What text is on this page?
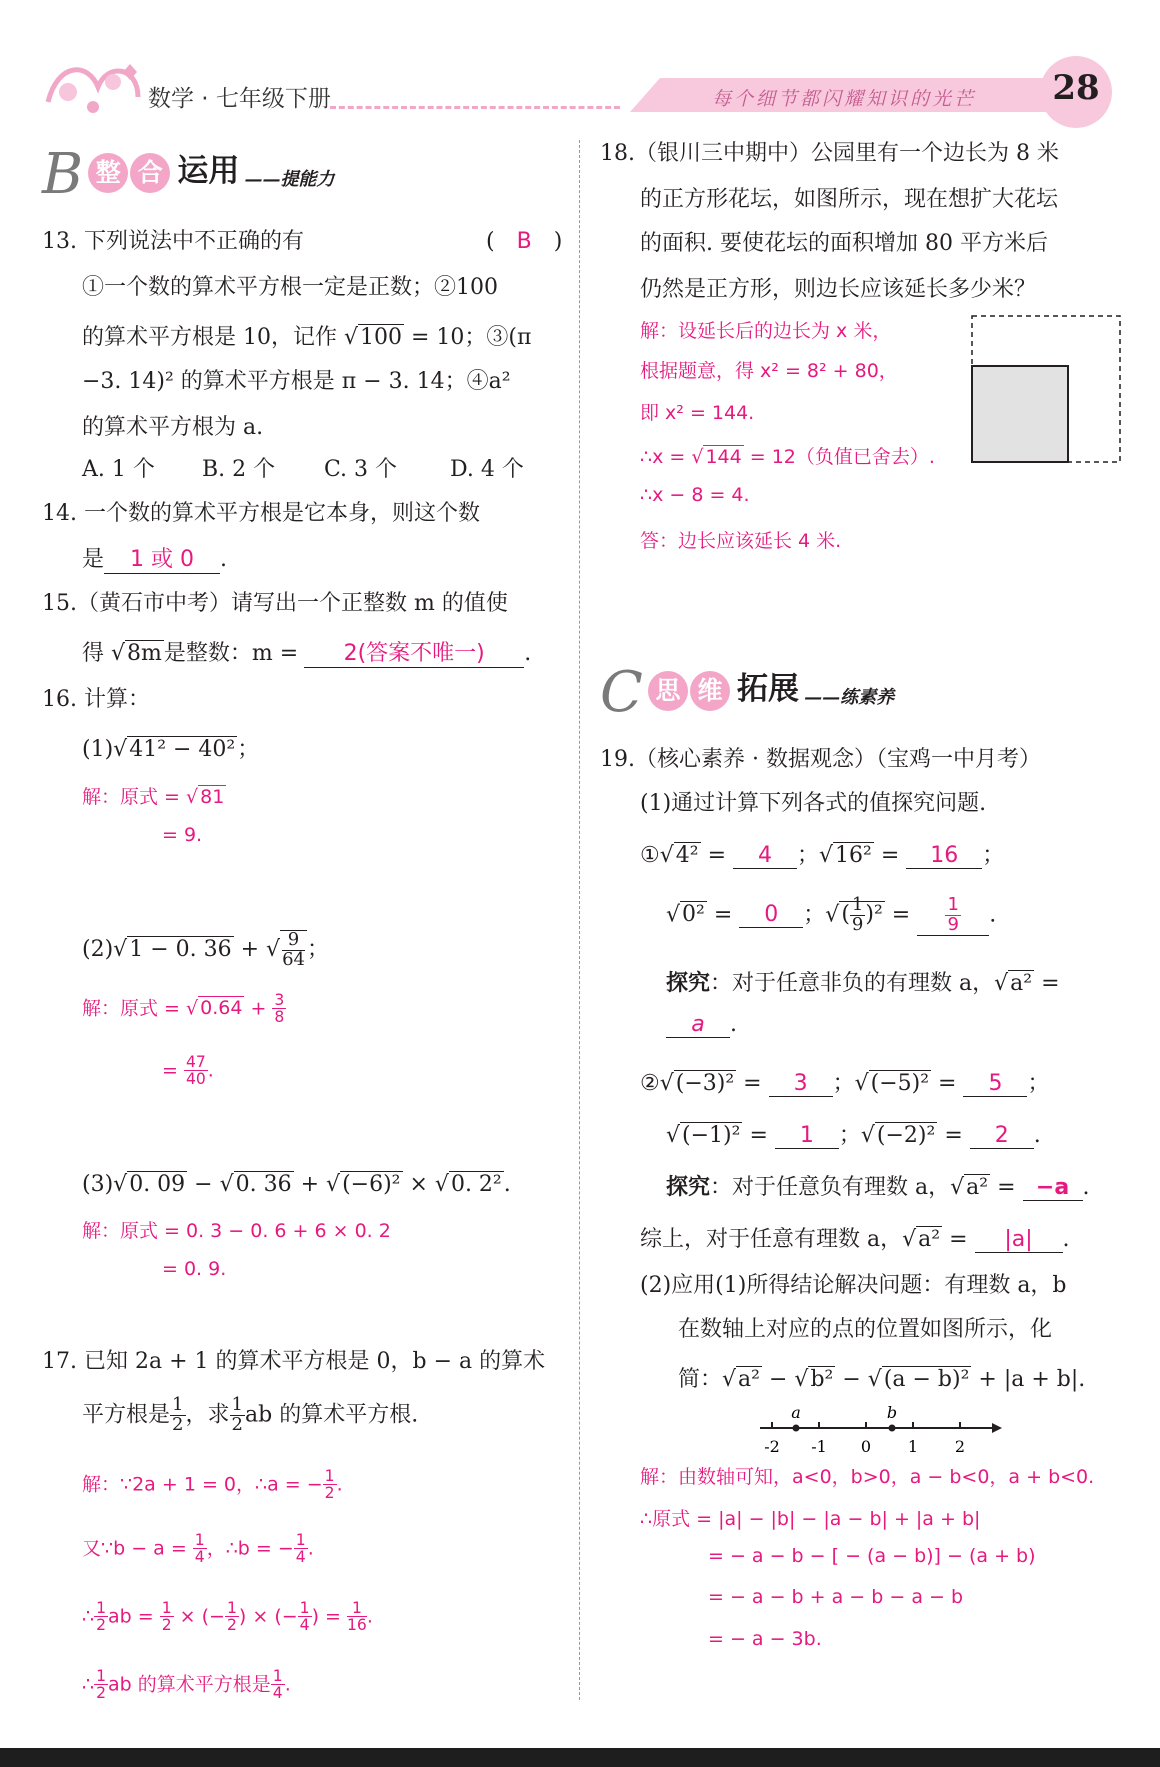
数学 · 七年级下册	每个细节都闪耀知识的光芒	28
B 整 合 运用 ——提能力
13. 下列说法中不正确的有	(　B　)
①一个数的算术平方根一定是正数；②100
的算术平方根是 10，记作 √100 = 10；③(π
−3. 14)² 的算术平方根是 π − 3. 14；④a²
的算术平方根为 a.
A. 1 个 B. 2 个 C. 3 个 D. 4 个
14. 一个数的算术平方根是它本身，则这个数
是 1 或 0 .
15.（黄石市中考）请写出一个正整数 m 的值使
得 √8m是整数：m = 2(答案不唯一) .
16. 计算：
(1)√41² − 40²；
解：原式 = √ 81
= 9.
(2)√1 − 0. 36 + √ $\frac{9}{64}$ ；
解：原式 = √ $0.64 + \frac{3}{8}$
= $\frac{47}{40}$ .
(3)√0. 09 − √0. 36 + √(−6)² × √0. 2².
解：原式 = 0. 3 − 0. 6 + 6 × 0. 2
= 0. 9.
17. 已知 2a + 1 的算术平方根是 0，b − a 的算术
平方根是 $\frac{1}{2}$ ，求 $\frac{1}{2}$ ab 的算术平方根.
解：∵2a + 1 = 0，∴a = − $\frac{1}{2}$ .
又∵b − $a = \frac{1}{4}$ ，∴b = − $\frac{1}{4}$ .
∴ $\frac{1}{2}$ ab = $\frac{1}{2}$ × (− $\frac{1}{2}$ ) × (− $\frac{1}{4}$ ) = $\frac{1}{16}$ .
∴ $\frac{1}{2}$ ab 的算术平方根是 $\frac{1}{4}$ .
18.（银川三中期中）公园里有一个边长为 8 米
的正方形花坛，如图所示，现在想扩大花坛
的面积. 要使花坛的面积增加 80 平方米后
仍然是正方形，则边长应该延长多少米？
解：设延长后的边长为 x 米，
根据题意，得 x² = 8² + 80，
即 x² = 144.
∴x = √ 144 = 12（负值已舍去）.
∴x − 8 = 4.
答：边长应该延长 4 米.
C 思 维 拓展 ——练素养
19.（核心素养 · 数据观念）（宝鸡一中月考）
(1)通过计算下列各式的值探究问题.
①√4² = 4 ；√16² = 16 ；
√0² = 0 ；√( $\frac{1}{9} )^2 = \frac{1}{9}$ .
探究：对于任意非负的有理数 a，√a² =
a .
②√(−3)² = 3 ；√(−5)² = 5 ；
√(−1)² = 1 ；√(−2)² = 2 .
探究：对于任意负有理数 a，√a² = −a .
综上，对于任意有理数 a，√a² = |a| .
(2)应用(1)所得结论解决问题：有理数 a，b
在数轴上对应的点的位置如图所示，化
简：√a² − √b² − √(a − b)² + |a + b|.
a	b
-2 -1 0 1 2
解：由数轴可知，a<0，b>0，a − b<0，a + b<0.
∴原式 = |a| − |b| − |a − b| + |a + b|
= − a − b − [ − (a − b)] − (a + b)
= − a − b + a − b − a − b
= − a − 3b.
